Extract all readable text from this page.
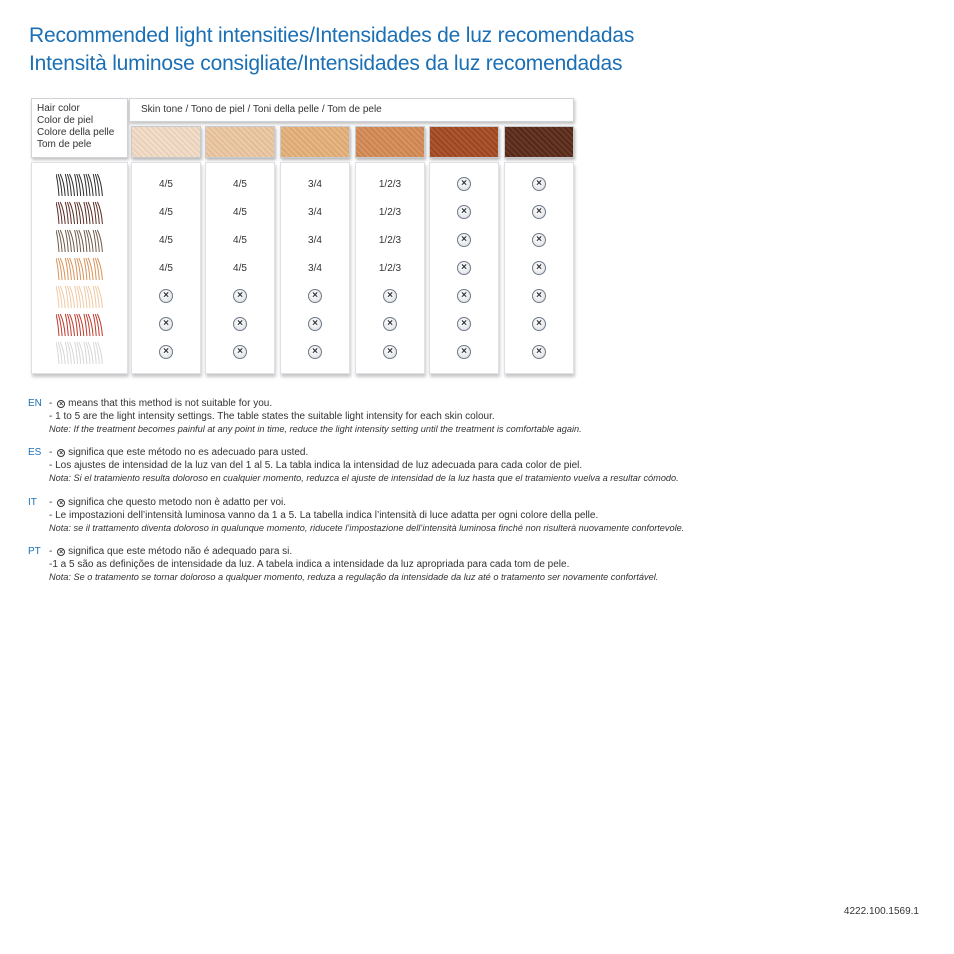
Recommended light intensities/Intensidades de luz recomendadas
Intensità luminose consigliate/Intensidades da luz recomendadas
Hair color
Color de piel
Colore della pelle
Tom de pele
Skin tone / Tono de piel / Toni della pelle / Tom de pele
4/5
4/5
4/5
4/5
×
×
×
4/5
4/5
4/5
4/5
×
×
×
3/4
3/4
3/4
3/4
×
×
×
1/2/3
1/2/3
1/2/3
1/2/3
×
×
×
×
×
×
×
×
×
×
×
×
×
×
×
×
×
EN - × means that this method is not suitable for you.
- 1 to 5 are the light intensity settings. The table states the suitable light intensity for each skin colour.
Note: If the treatment becomes painful at any point in time, reduce the light intensity setting until the treatment is comfortable again.
ES - × significa que este método no es adecuado para usted.
- Los ajustes de intensidad de la luz van del 1 al 5. La tabla indica la intensidad de luz adecuada para cada color de piel.
Nota: Si el tratamiento resulta doloroso en cualquier momento, reduzca el ajuste de intensidad de la luz hasta que el tratamiento vuelva a resultar cómodo.
IT	- × significa che questo metodo non è adatto per voi.
- Le impostazioni dell’intensità luminosa vanno da 1 a 5. La tabella indica l’intensità di luce adatta per ogni colore della pelle.
Nota: se il trattamento diventa doloroso in qualunque momento, riducete l’impostazione dell’intensità luminosa finché non risulterà nuovamente confortevole.
PT - × significa que este método não é adequado para si.
-1 a 5 são as definições de intensidade da luz. A tabela indica a intensidade da luz apropriada para cada tom de pele.
Nota: Se o tratamento se tornar doloroso a qualquer momento, reduza a regulação da intensidade da luz até o tratamento ser novamente confortável.
4222.100.1569.1
